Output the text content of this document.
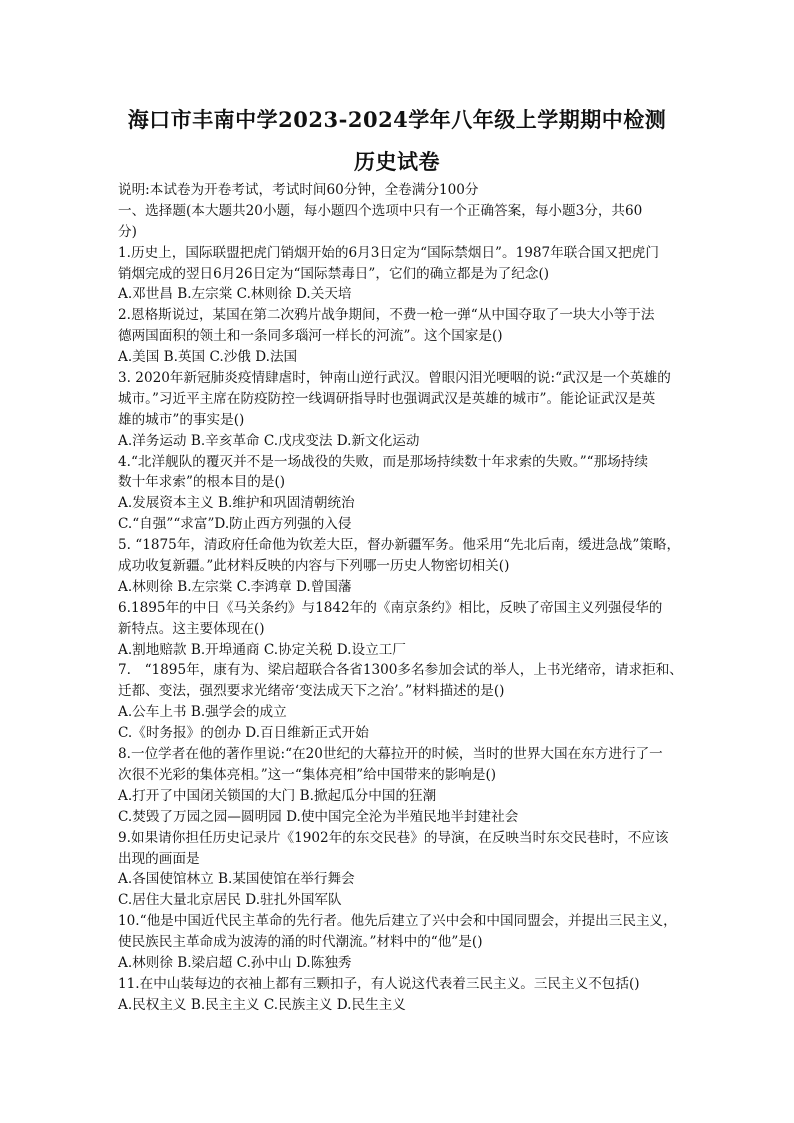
海口市丰南中学2023-2024学年八年级上学期期中检测
历史试卷
说明:本试卷为开卷考试，考试时间60分钟，全卷满分100分
一、选择题(本大题共20小题，每小题四个选项中只有一个正确答案，每小题3分，共60
分)
1.历史上，国际联盟把虎门销烟开始的6月3日定为“国际禁烟日”。1987年联合国又把虎门
销烟完成的翌日6月26日定为“国际禁毒日”，它们的确立都是为了纪念()
A.邓世昌 B.左宗棠 C.林则徐 D.关天培
2.恩格斯说过，某国在第二次鸦片战争期间，不费一枪一弹“从中国夺取了一块大小等于法
德两国面积的领土和一条同多瑙河一样长的河流”。这个国家是()
A.美国 B.英国 C.沙俄 D.法国
3. 2020年新冠肺炎疫情肆虐时，钟南山逆行武汉。曾眼闪泪光哽咽的说:“武汉是一个英雄的
城市。”习近平主席在防疫防控一线调研指导时也强调武汉是英雄的城市”。能论证武汉是英
雄的城市”的事实是()
A.洋务运动 B.辛亥革命 C.戊戌变法 D.新文化运动
4.“北洋舰队的覆灭并不是一场战役的失败，而是那场持续数十年求索的失败。”“那场持续
数十年求索”的根本目的是()
A.发展资本主义 B.维护和巩固清朝统治
C.“自强”“求富”D.防止西方列强的入侵
5. “1875年，清政府任命他为钦差大臣，督办新疆军务。他采用“先北后南，缓进急战”策略，
成功收复新疆。”此材料反映的内容与下列哪一历史人物密切相关()
A.林则徐 B.左宗棠 C.李鸿章 D.曾国藩
6.1895年的中日《马关条约》与1842年的《南京条约》相比，反映了帝国主义列强侵华的
新特点。这主要体现在()
A.割地赔款 B.开埠通商 C.协定关税 D.设立工厂
7.　“1895年，康有为、梁启超联合各省1300多名参加会试的举人，上书光绪帝，请求拒和、
迁都、变法，强烈要求光绪帝‘变法成天下之治’。”材料描述的是()
A.公车上书 B.强学会的成立
C.《时务报》的创办 D.百日维新正式开始
8.一位学者在他的著作里说:“在20世纪的大幕拉开的时候，当时的世界大国在东方进行了一
次很不光彩的集体亮相。”这一“集体亮相”给中国带来的影响是()
A.打开了中国闭关锁国的大门 B.掀起瓜分中国的狂潮
C.焚毁了万园之园—圆明园 D.使中国完全沦为半殖民地半封建社会
9.如果请你担任历史记录片《1902年的东交民巷》的导演，在反映当时东交民巷时，不应该
出现的画面是
A.各国使馆林立 B.某国使馆在举行舞会
C.居住大量北京居民 D.驻扎外国军队
10.“他是中国近代民主革命的先行者。他先后建立了兴中会和中国同盟会，并提出三民主义，
使民族民主革命成为波涛的涌的时代潮流。”材料中的“他”是()
A.林则徐 B.梁启超 C.孙中山 D.陈独秀
11.在中山装每边的衣袖上都有三颗扣子，有人说这代表着三民主义。三民主义不包括()
A.民权主义 B.民主主义 C.民族主义 D.民生主义
